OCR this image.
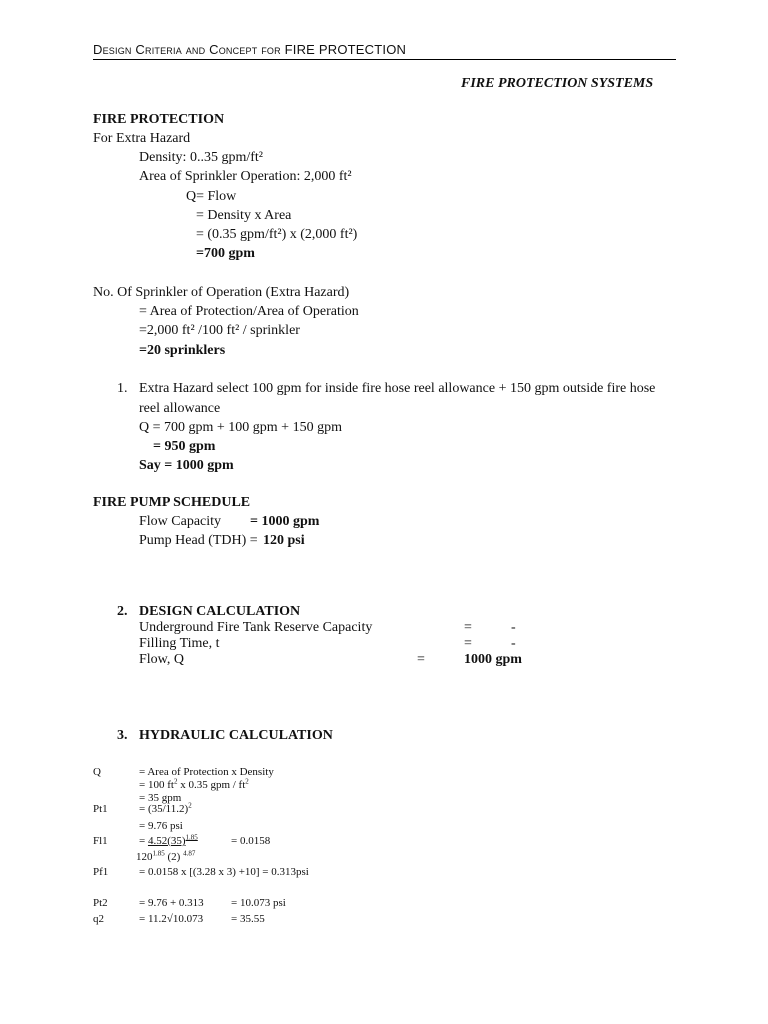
Design Criteria and Concept for FIRE PROTECTION
FIRE PROTECTION SYSTEMS
FIRE PROTECTION
For Extra Hazard
Density: 0..35 gpm/ft²
Area of Sprinkler Operation: 2,000 ft²
Q= Flow
= Density x Area
= (0.35 gpm/ft²) x (2,000 ft²)
=700 gpm
No. Of Sprinkler of Operation (Extra Hazard)
= Area of Protection/Area of Operation
=2,000 ft² /100 ft² / sprinkler
=20 sprinklers
1. Extra Hazard select 100 gpm for inside fire hose reel allowance + 150 gpm outside fire hose
reel allowance
Q = 700 gpm + 100 gpm + 150 gpm
= 950 gpm
Say = 1000 gpm
FIRE PUMP SCHEDULE
Flow Capacity = 1000 gpm
Pump Head (TDH) = 120 psi
2. DESIGN CALCULATION
Underground Fire Tank Reserve Capacity	=	-
Filling Time, t	=	-
Flow, Q	=	1000 gpm
3. HYDRAULIC CALCULATION
Q	= Area of Protection x Density
= 100 $ft^2$ x 0.35 gpm / $ft^2$
= 35 gpm
Pt1	= $(35/11.2)^2$
= 9.76 psi
Fl1	= $4.52(35)^{1.85}$	= 0.0158
$120^{1.85}$ (2) $^{4.87}$
Pf1	= 0.0158 x [(3.28 x 3) +10] = 0.313psi
Pt2	= 9.76 + 0.313 = 10.073 psi
q2	= 11.2√10.073	= 35.55
